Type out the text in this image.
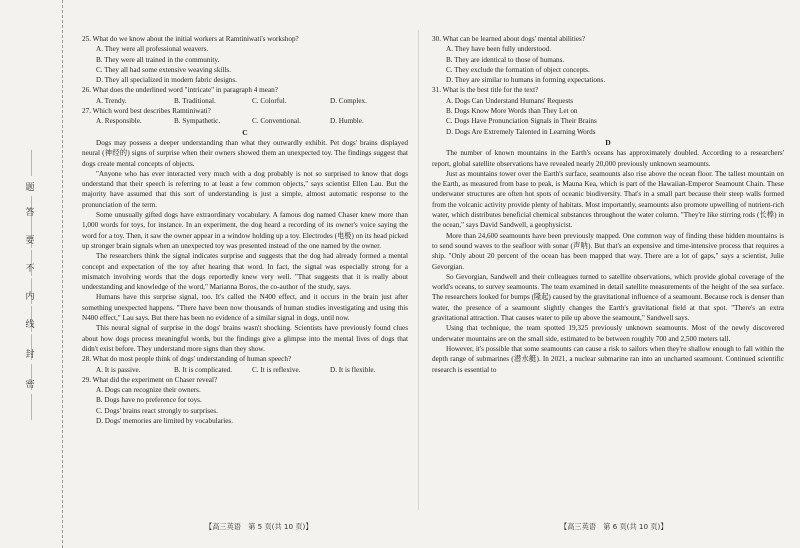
题
答
要
不
内
线
封
密

25. What do we know about the initial workers at Ramtiniwati's workshop?

A. They were all professional weavers.

B. They were all trained in the community.

C. They all had some extensive weaving skills.

D. They all specialized in modern fabric designs.

26. What does the underlined word "intricate" in paragraph 4 mean?

A. Trendy.	B. Traditional.	C. Colorful.	D. Complex.

27. Which word best describes Ramtiniwati?

A. Responsible.	B. Sympathetic.	C. Conventional.	D. Humble.

C

Dogs may possess a deeper understanding than what they outwardly exhibit. Pet dogs' brains displayed neural (神经的) signs of surprise when their owners showed them an unexpected toy. The findings suggest that dogs create mental concepts of objects.

"Anyone who has ever interacted very much with a dog probably is not so surprised to know that dogs understand that their speech is referring to at least a few common objects," says scientist Ellen Lau. But the majority have assumed that this sort of understanding is just a simple, almost automatic response to the pronunciation of the term.

Some unusually gifted dogs have extraordinary vocabulary. A famous dog named Chaser knew more than 1,000 words for toys, for instance. In an experiment, the dog heard a recording of its owner's voice saying the word for a toy. Then, it saw the owner appear in a window holding up a toy. Electrodes (电极) on its head picked up stronger brain signals when an unexpected toy was presented instead of the one named by the owner.

The researchers think the signal indicates surprise and suggests that the dog had already formed a mental concept and expectation of the toy after hearing that word. In fact, the signal was especially strong for a mismatch involving words that the dogs reportedly knew very well. "That suggests that it is really about understanding and knowledge of the word," Marianna Boros, the co-author of the study, says.

Humans have this surprise signal, too. It's called the N400 effect, and it occurs in the brain just after something unexpected happens. "There have been now thousands of human studies investigating and using this N400 effect," Lau says. But there has been no evidence of a similar signal in dogs, until now.

This neural signal of surprise in the dogs' brains wasn't shocking. Scientists have previously found clues about how dogs process meaningful words, but the findings give a glimpse into the mental lives of dogs that didn't exist before. They understand more signs than they show.

28. What do most people think of dogs' understanding of human speech?

A. It is passive.	B. It is complicated.	C. It is reflexive.	D. It is flexible.

29. What did the experiment on Chaser reveal?

A. Dogs can recognize their owners.

B. Dogs have no preference for toys.

C. Dogs' brains react strongly to surprises.

D. Dogs' memories are limited by vocabularies.

30. What can be learned about dogs' mental abilities?

A. They have been fully understood.

B. They are identical to those of humans.

C. They exclude the formation of object concepts.

D. They are similar to humans in forming expectations.

31. What is the best title for the text?

A. Dogs Can Understand Humans' Requests

B. Dogs Know More Words than They Let on

C. Dogs Have Pronunciation Signals in Their Brains

D. Dogs Are Extremely Talented in Learning Words

D

The number of known mountains in the Earth's oceans has approximately doubled. According to a researchers' report, global satellite observations have revealed nearly 20,000 previously unknown seamounts.

Just as mountains tower over the Earth's surface, seamounts also rise above the ocean floor. The tallest mountain on the Earth, as measured from base to peak, is Mauna Kea, which is part of the Hawaiian-Emperor Seamount Chain. These underwater structures are often hot spots of oceanic biodiversity. That's in a small part because their steep walls formed from the volcanic activity provide plenty of habitats. Most importantly, seamounts also promote upwelling of nutrient-rich water, which distributes beneficial chemical substances throughout the water column. "They're like stirring rods (长棒) in the ocean," says David Sandwell, a geophysicist.

More than 24,600 seamounts have been previously mapped. One common way of finding these hidden mountains is to send sound waves to the seafloor with sonar (声呐). But that's an expensive and time-intensive process that requires a ship. "Only about 20 percent of the ocean has been mapped that way. There are a lot of gaps," says a scientist, Julie Gevorgian.

So Gevorgian, Sandwell and their colleagues turned to satellite observations, which provide global coverage of the world's oceans, to survey seamounts. The team examined in detail satellite measurements of the height of the sea surface. The researchers looked for bumps (隆起) caused by the gravitational influence of a seamount. Because rock is denser than water, the presence of a seamount slightly changes the Earth's gravitational field at that spot. "There's an extra gravitational attraction. That causes water to pile up above the seamount," Sandwell says.

Using that technique, the team spotted 19,325 previously unknown seamounts. Most of the newly discovered underwater mountains are on the small side, estimated to be between roughly 700 and 2,500 meters tall.

However, it's possible that some seamounts can cause a risk to sailors when they're shallow enough to fall within the depth range of submarines (潜水艇). In 2021, a nuclear submarine ran into an uncharted seamount. Continued scientific research is essential to

【高三英语　第 5 页(共 10 页)】	【高三英语　第 6 页(共 10 页)】
